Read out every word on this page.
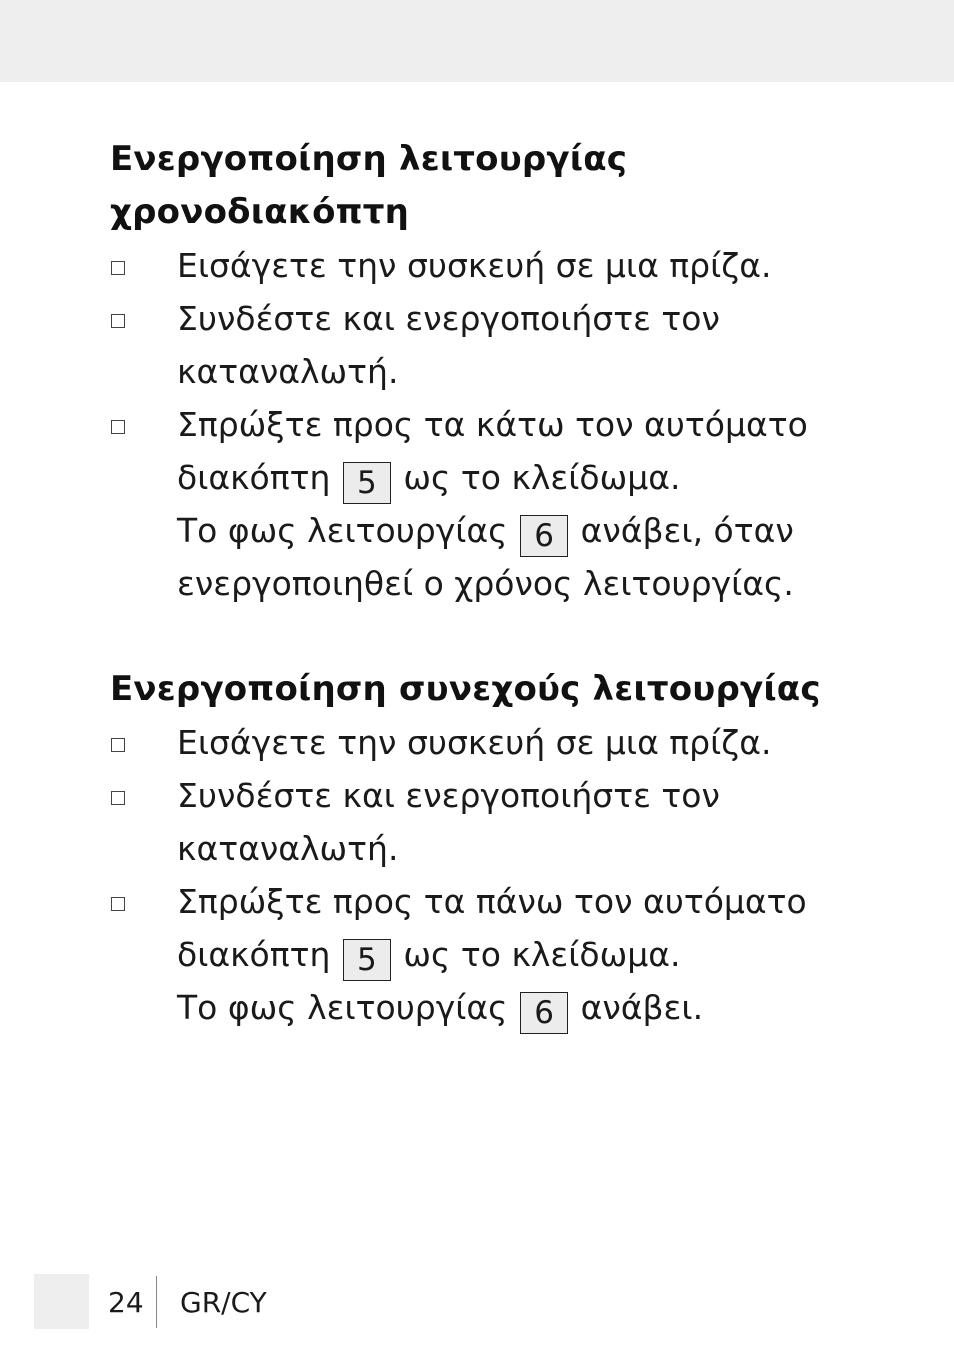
Ενεργοποίηση λειτουργίας
χρονοδιακόπτη
Εισάγετε την συσκευή σε μια πρίζα.
Συνδέστε και ενεργοποιήστε τον
καταναλωτή.
Σπρώξτε προς τα κάτω τον αυτόματο
διακόπτη 5 ως το κλείδωμα.
Το φως λειτουργίας 6 ανάβει, όταν
ενεργοποιηθεί ο χρόνος λειτουργίας.
Ενεργοποίηση συνεχούς λειτουργίας
Εισάγετε την συσκευή σε μια πρίζα.
Συνδέστε και ενεργοποιήστε τον
καταναλωτή.
Σπρώξτε προς τα πάνω τον αυτόματο
διακόπτη 5 ως το κλείδωμα.
Το φως λειτουργίας 6 ανάβει.
24 GR/CY
